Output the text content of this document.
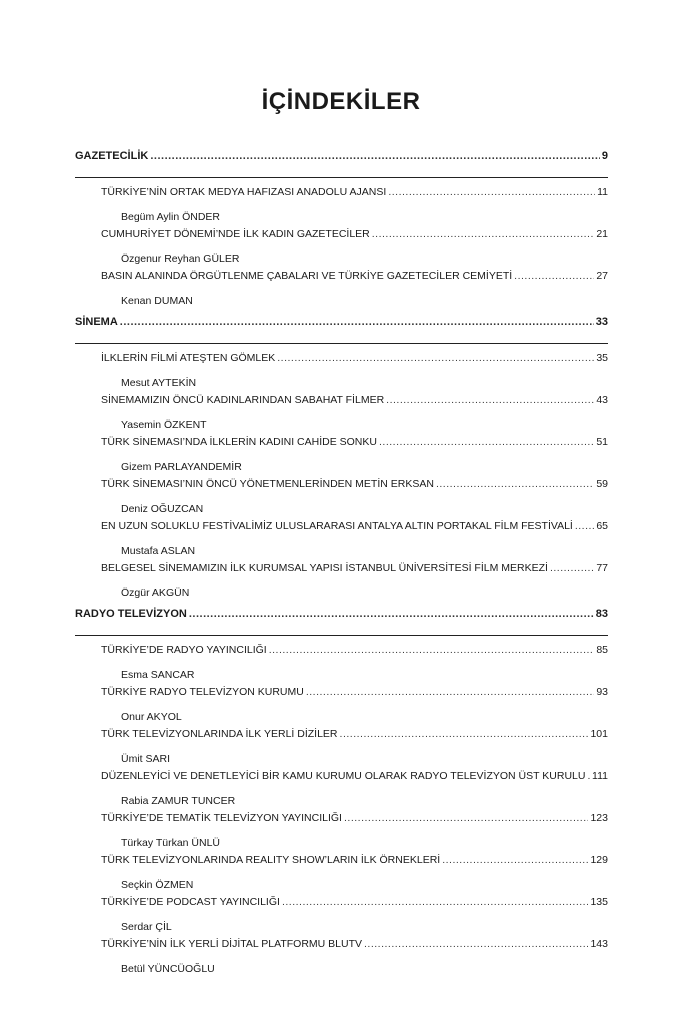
İÇİNDEKİLER
GAZETECİLİK .....	9
TÜRKİYE’NİN ORTAK MEDYA HAFIZASI ANADOLU AJANSI .....	11
Begüm Aylin ÖNDER
CUMHURİYET DÖNEMİ’NDE İLK KADIN GAZETECİLER .....	21
Özgenur Reyhan GÜLER
BASIN ALANINDA ÖRGÜTLENME ÇABALARI VE TÜRKİYE GAZETECİLER CEMİYETİ .....	27
Kenan DUMAN
SİNEMA .....	33
İLKLERİN FİLMİ ATEŞTEN GÖMLEK .....	35
Mesut AYTEKİN
SİNEMAMIZIN ÖNCÜ KADINLARINDAN SABAHAT FİLMER .....	43
Yasemin ÖZKENT
TÜRK SİNEMASI’NDA İLKLERİN KADINI CAHİDE SONKU .....	51
Gizem PARLAYANDEMİR
TÜRK SİNEMASI’NIN ÖNCÜ YÖNETMENLERİNDEN METİN ERKSAN .....	59
Deniz OĞUZCAN
EN UZUN SOLUKLU FESTİVALİMİZ ULUSLARARASI ANTALYA ALTIN PORTAKAL FİLM FESTİVALİ ..... 65
Mustafa ASLAN
BELGESEL SİNEMAMIZIN İLK KURUMSAL YAPISI İSTANBUL ÜNİVERSİTESİ FİLM MERKEZİ .....	77
Özgür AKGÜN
RADYO TELEVİZYON .....	83
TÜRKİYE’DE RADYO YAYINCILIĞI .....	85
Esma SANCAR
TÜRKİYE RADYO TELEVİZYON KURUMU .....	93
Onur AKYOL
TÜRK TELEVİZYONLARINDA İLK YERLİ DİZİLER .....	101
Ümit SARI
DÜZENLEYİCİ VE DENETLEYİCİ BİR KAMU KURUMU OLARAK RADYO TELEVİZYON ÜST KURULU ..... 111
Rabia ZAMUR TUNCER
TÜRKİYE’DE TEMATİK TELEVİZYON YAYINCILIĞI .....	123
Türkay Türkan ÜNLÜ
TÜRK TELEVİZYONLARINDA REALITY SHOW’LARIN İLK ÖRNEKLERİ .....	129
Seçkin ÖZMEN
TÜRKİYE’DE PODCAST YAYINCILIĞI .....	135
Serdar ÇİL
TÜRKİYE’NİN İLK YERLİ DİJİTAL PLATFORMU BLUTV .....	143
Betül YÜNCÜOĞLU
